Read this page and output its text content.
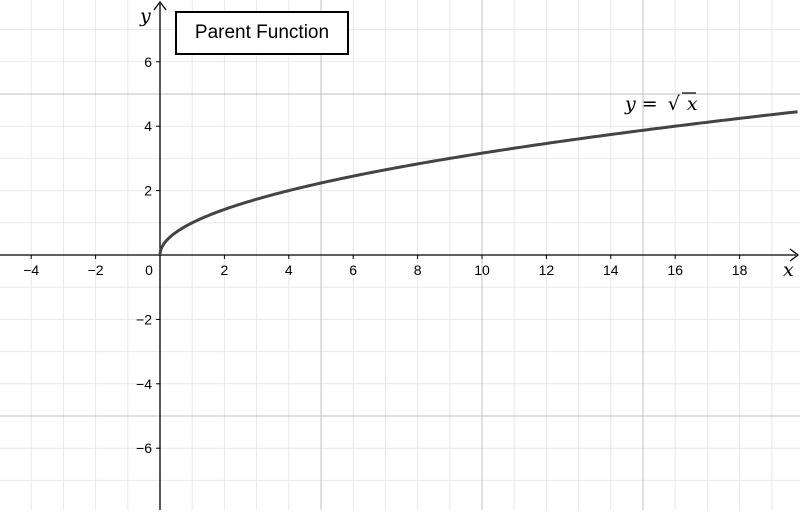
−4	−2	0	2	4	6	8	10	12	14	16	18
6
4
2
−2
−4
−6
y = √ x
x
y
Parent Function
